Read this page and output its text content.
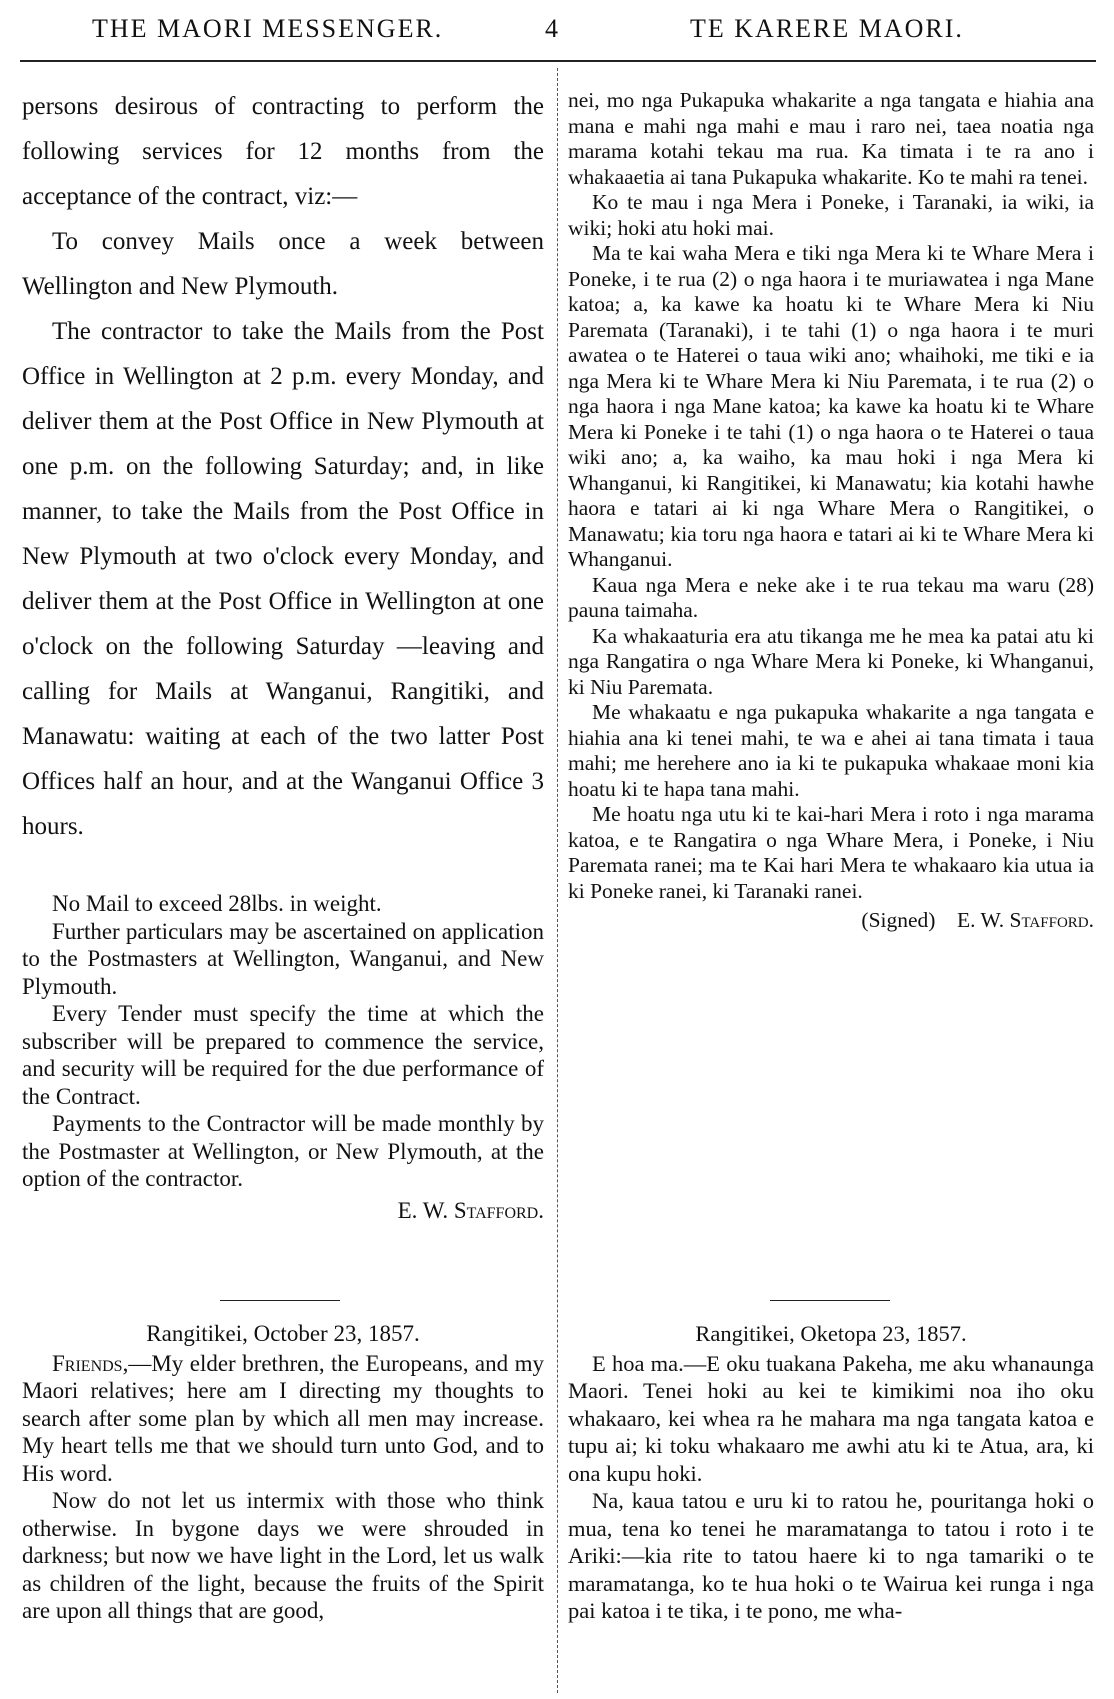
THE MAORI MESSENGER.	4	TE KARERE MAORI.

persons desirous of contracting to perform the following services for 12 months from the acceptance of the contract, viz:—

To convey Mails once a week between Wellington and New Plymouth.

The contractor to take the Mails from the Post Office in Wellington at 2 p.m. every Monday, and deliver them at the Post Office in New Plymouth at one p.m. on the following Saturday; and, in like manner, to take the Mails from the Post Office in New Plymouth at two o'clock every Monday, and deliver them at the Post Office in Wellington at one o'clock on the following Saturday —leaving and calling for Mails at Wanganui, Rangitiki, and Manawatu: waiting at each of the two latter Post Offices half an hour, and at the Wanganui Office 3 hours.

No Mail to exceed 28lbs. in weight.

Further particulars may be ascertained on application to the Postmasters at Wellington, Wanganui, and New Plymouth.

Every Tender must specify the time at which the subscriber will be prepared to commence the service, and security will be required for the due performance of the Contract.

Payments to the Contractor will be made monthly by the Postmaster at Wellington, or New Plymouth, at the option of the contractor.

E. W. Stafford.

Rangitikei, October 23, 1857.

Friends,—My elder brethren, the Europeans, and my Maori relatives; here am I directing my thoughts to search after some plan by which all men may increase. My heart tells me that we should turn unto God, and to His word.

Now do not let us intermix with those who think otherwise. In bygone days we were shrouded in darkness; but now we have light in the Lord, let us walk as children of the light, because the fruits of the Spirit are upon all things that are good,

nei, mo nga Pukapuka whakarite a nga tangata e hiahia ana mana e mahi nga mahi e mau i raro nei, taea noatia nga marama kotahi tekau ma rua. Ka timata i te ra ano i whakaaetia ai tana Pukapuka whakarite. Ko te mahi ra tenei.

Ko te mau i nga Mera i Poneke, i Taranaki, ia wiki, ia wiki; hoki atu hoki mai.

Ma te kai waha Mera e tiki nga Mera ki te Whare Mera i Poneke, i te rua (2) o nga haora i te muriawatea i nga Mane katoa; a, ka kawe ka hoatu ki te Whare Mera ki Niu Paremata (Taranaki), i te tahi (1) o nga haora i te muri awatea o te Haterei o taua wiki ano; whaihoki, me tiki e ia nga Mera ki te Whare Mera ki Niu Paremata, i te rua (2) o nga haora i nga Mane katoa; ka kawe ka hoatu ki te Whare Mera ki Poneke i te tahi (1) o nga haora o te Haterei o taua wiki ano; a, ka waiho, ka mau hoki i nga Mera ki Whanganui, ki Rangitikei, ki Manawatu; kia kotahi hawhe haora e tatari ai ki nga Whare Mera o Rangitikei, o Manawatu; kia toru nga haora e tatari ai ki te Whare Mera ki Whanganui.

Kaua nga Mera e neke ake i te rua tekau ma waru (28) pauna taimaha.

Ka whakaaturia era atu tikanga me he mea ka patai atu ki nga Rangatira o nga Whare Mera ki Poneke, ki Whanganui, ki Niu Paremata.

Me whakaatu e nga pukapuka whakarite a nga tangata e hiahia ana ki tenei mahi, te wa e ahei ai tana timata i taua mahi; me herehere ano ia ki te pukapuka whakaae moni kia hoatu ki te hapa tana mahi.

Me hoatu nga utu ki te kai-hari Mera i roto i nga marama katoa, e te Rangatira o nga Whare Mera, i Poneke, i Niu Paremata ranei; ma te Kai hari Mera te whakaaro kia utua ia ki Poneke ranei, ki Taranaki ranei.

(Signed) E. W. Stafford.

Rangitikei, Oketopa 23, 1857.

E hoa ma.—E oku tuakana Pakeha, me aku whanaunga Maori. Tenei hoki au kei te kimikimi noa iho oku whakaaro, kei whea ra he mahara ma nga tangata katoa e tupu ai; ki toku whakaaro me awhi atu ki te Atua, ara, ki ona kupu hoki.

Na, kaua tatou e uru ki to ratou he, pouritanga hoki o mua, tena ko tenei he maramatanga to tatou i roto i te Ariki:—kia rite to tatou haere ki to nga tamariki o te maramatanga, ko te hua hoki o te Wairua kei runga i nga pai katoa i te tika, i te pono, me wha-
